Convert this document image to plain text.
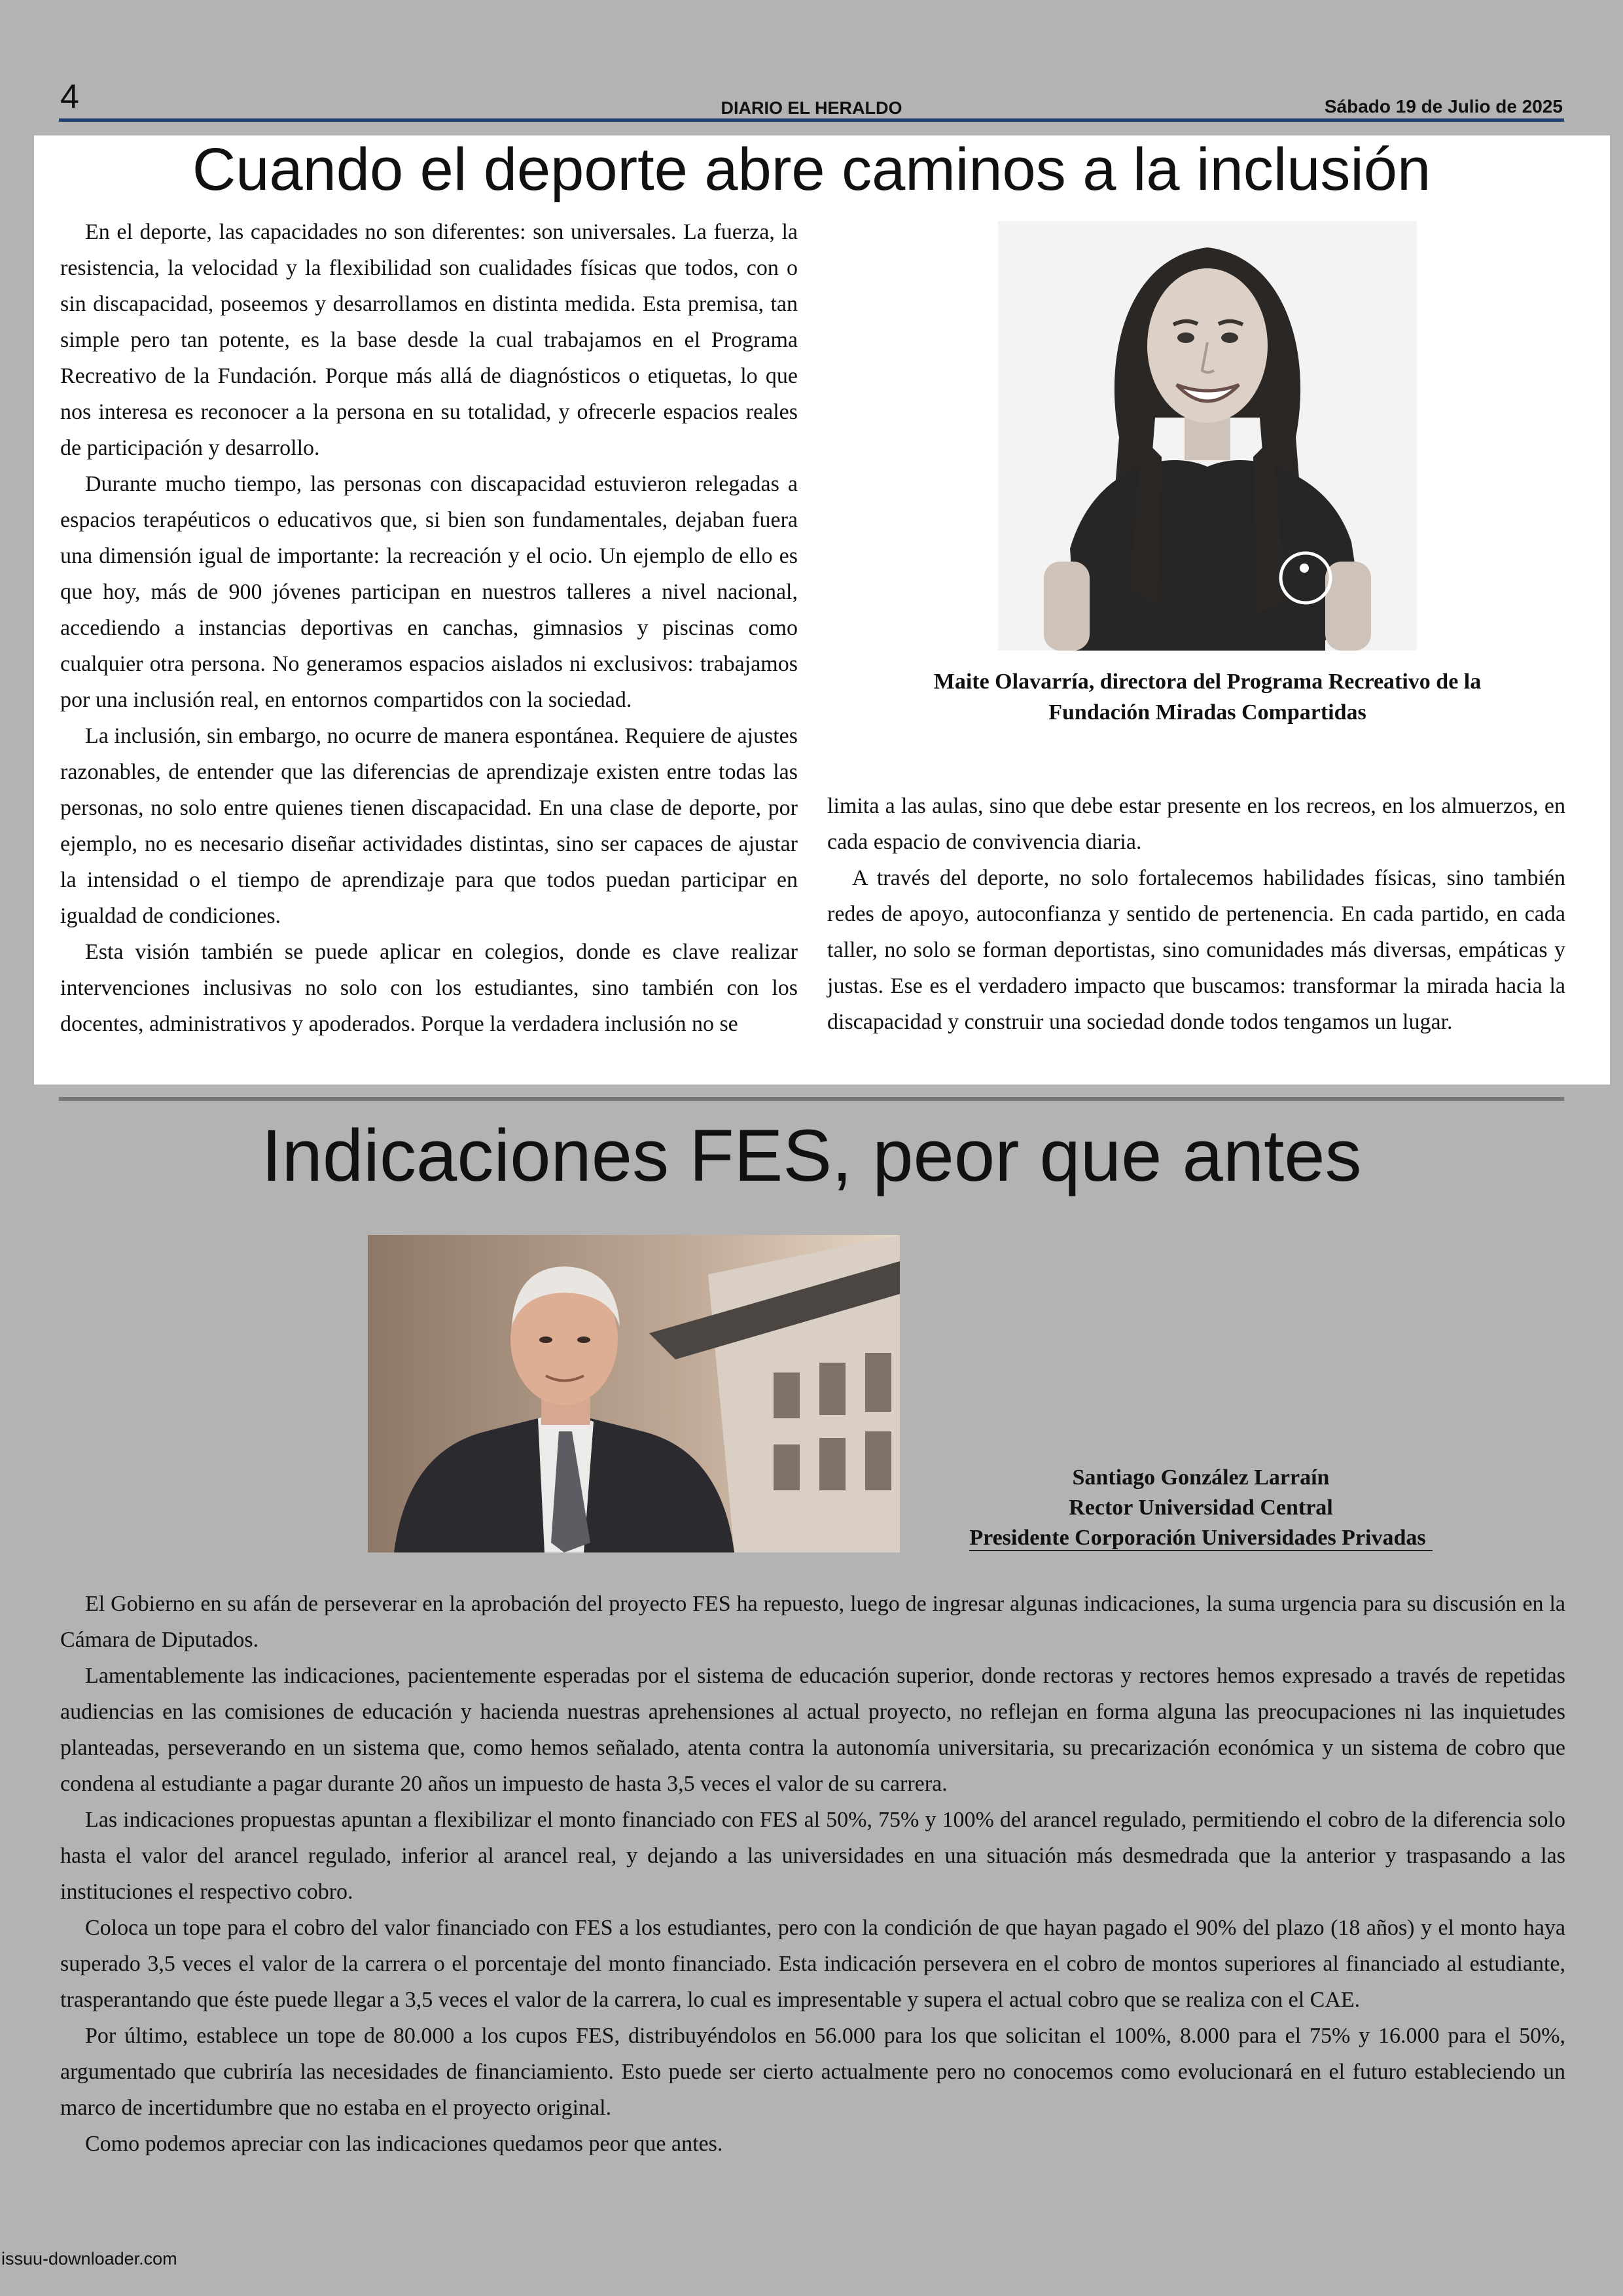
4	DIARIO EL HERALDO	Sábado 19 de Julio de 2025
Cuando el deporte abre caminos a la inclusión

En el deporte, las capacidades no son diferentes: son universales. La fuerza, la resistencia, la velocidad y la flexibilidad son cualidades físicas que todos, con o sin discapacidad, poseemos y desarrollamos en distinta medida. Esta premisa, tan simple pero tan potente, es la base desde la cual trabajamos en el Programa Recreativo de la Fundación. Porque más allá de diagnósticos o etiquetas, lo que nos interesa es reconocer a la persona en su totalidad, y ofrecerle espacios reales de participación y desarrollo.

Durante mucho tiempo, las personas con discapacidad estuvieron relegadas a espacios terapéuticos o educativos que, si bien son fundamentales, dejaban fuera una dimensión igual de importante: la recreación y el ocio. Un ejemplo de ello es que hoy, más de 900 jóvenes participan en nuestros talleres a nivel nacional, accediendo a instancias deportivas en canchas, gimnasios y piscinas como cualquier otra persona. No generamos espacios aislados ni exclusivos: trabajamos por una inclusión real, en entornos compartidos con la sociedad.

La inclusión, sin embargo, no ocurre de manera espontánea. Requiere de ajustes razonables, de entender que las diferencias de aprendizaje existen entre todas las personas, no solo entre quienes tienen discapacidad. En una clase de deporte, por ejemplo, no es necesario diseñar actividades distintas, sino ser capaces de ajustar la intensidad o el tiempo de aprendizaje para que todos puedan participar en igualdad de condiciones.

Esta visión también se puede aplicar en colegios, donde es clave realizar intervenciones inclusivas no solo con los estudiantes, sino también con los docentes, administrativos y apoderados. Porque la verdadera inclusión no se

Maite Olavarría, directora del Programa Recreativo de la
Fundación Miradas Compartidas

limita a las aulas, sino que debe estar presente en los recreos, en los almuerzos, en cada espacio de convivencia diaria.

A través del deporte, no solo fortalecemos habilidades físicas, sino también redes de apoyo, autoconfianza y sentido de pertenencia. En cada partido, en cada taller, no solo se forman deportistas, sino comunidades más diversas, empáticas y justas. Ese es el verdadero impacto que buscamos: transformar la mirada hacia la discapacidad y construir una sociedad donde todos tengamos un lugar.

Indicaciones FES, peor que antes
Santiago González Larraín
Rector Universidad Central
Presidente Corporación Universidades Privadas

El Gobierno en su afán de perseverar en la aprobación del proyecto FES ha repuesto, luego de ingresar algunas indicaciones, la suma urgencia para su discusión en la Cámara de Diputados.

Lamentablemente las indicaciones, pacientemente esperadas por el sistema de educación superior, donde rectoras y rectores hemos expresado a través de repetidas audiencias en las comisiones de educación y hacienda nuestras aprehensiones al actual proyecto, no reflejan en forma alguna las preocupaciones ni las inquietudes planteadas, perseverando en un sistema que, como hemos señalado, atenta contra la autonomía universitaria, su precarización económica y un sistema de cobro que condena al estudiante a pagar durante 20 años un impuesto de hasta 3,5 veces el valor de su carrera.

Las indicaciones propuestas apuntan a flexibilizar el monto financiado con FES al 50%, 75% y 100% del arancel regulado, permitiendo el cobro de la diferencia solo hasta el valor del arancel regulado, inferior al arancel real, y dejando a las universidades en una situación más desmedrada que la anterior y traspasando a las instituciones el respectivo cobro.

Coloca un tope para el cobro del valor financiado con FES a los estudiantes, pero con la condición de que hayan pagado el 90% del plazo (18 años) y el monto haya superado 3,5 veces el valor de la carrera o el porcentaje del monto financiado. Esta indicación persevera en el cobro de montos superiores al financiado al estudiante, trasperantando que éste puede llegar a 3,5 veces el valor de la carrera, lo cual es impresentable y supera el actual cobro que se realiza con el CAE.

Por último, establece un tope de 80.000 a los cupos FES, distribuyéndolos en 56.000 para los que solicitan el 100%, 8.000 para el 75% y 16.000 para el 50%, argumentado que cubriría las necesidades de financiamiento. Esto puede ser cierto actualmente pero no conocemos como evolucionará en el futuro estableciendo un marco de incertidumbre que no estaba en el proyecto original.

Como podemos apreciar con las indicaciones quedamos peor que antes.

issuu-downloader.com
